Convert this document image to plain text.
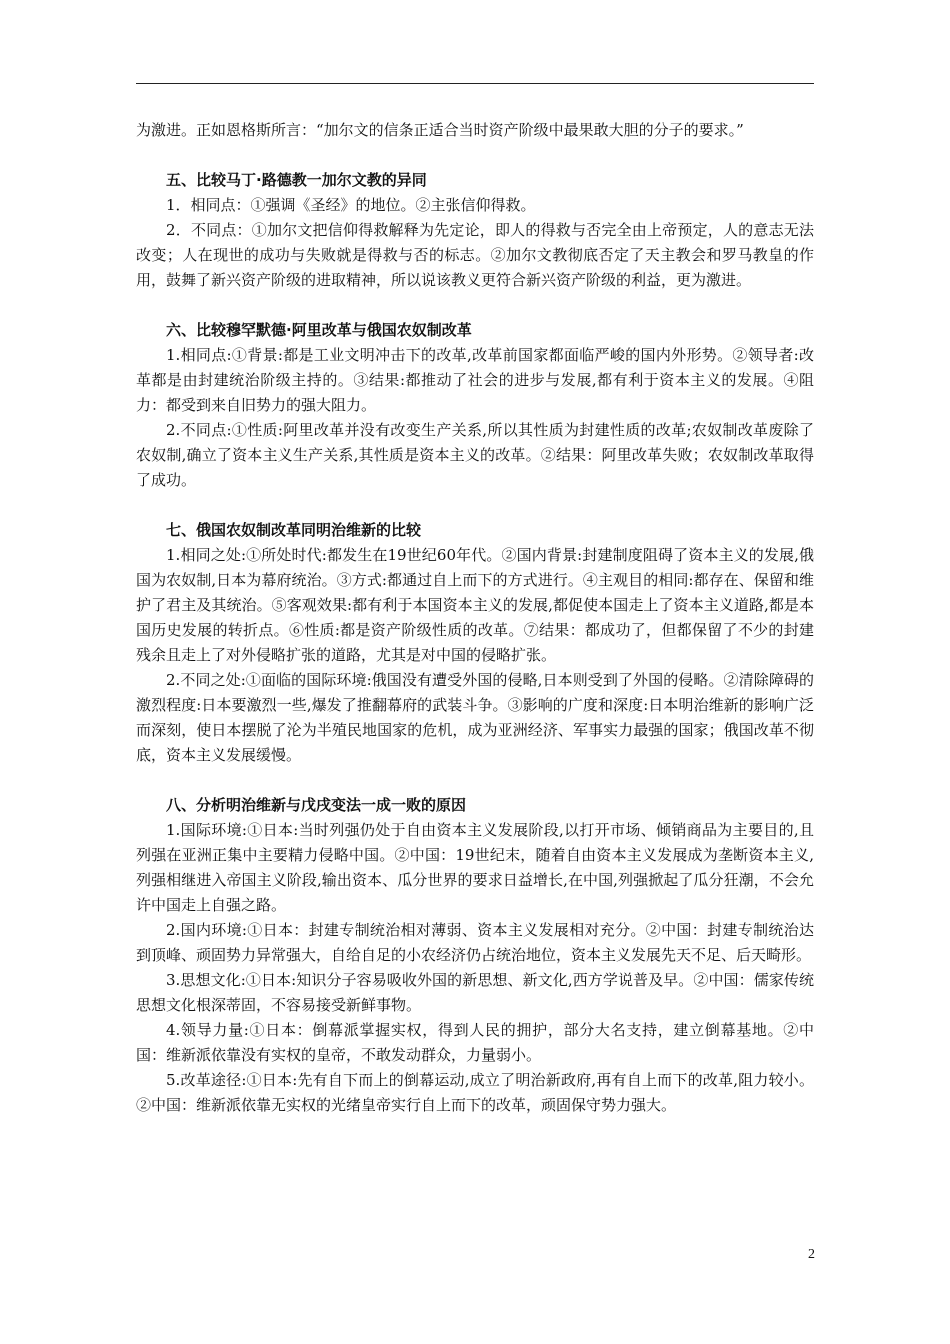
为激进。正如恩格斯所言：“加尔文的信条正适合当时资产阶级中最果敢大胆的分子的要求。”

五、比较马丁·路德教一加尔文教的异同

1．相同点：①强调《圣经》的地位。②主张信仰得救。

2．不同点：①加尔文把信仰得救解释为先定论，即人的得救与否完全由上帝预定，人的意志无法改变；人在现世的成功与失败就是得救与否的标志。②加尔文教彻底否定了天主教会和罗马教皇的作用，鼓舞了新兴资产阶级的进取精神，所以说该教义更符合新兴资产阶级的利益，更为激进。

六、比较穆罕默德·阿里改革与俄国农奴制改革

1.相同点:①背景:都是工业文明冲击下的改革,改革前国家都面临严峻的国内外形势。②领导者:改革都是由封建统治阶级主持的。③结果:都推动了社会的进步与发展,都有利于资本主义的发展。④阻力：都受到来自旧势力的强大阻力。

2.不同点:①性质:阿里改革并没有改变生产关系,所以其性质为封建性质的改革;农奴制改革废除了农奴制,确立了资本主义生产关系,其性质是资本主义的改革。②结果：阿里改革失败；农奴制改革取得了成功。

七、俄国农奴制改革同明治维新的比较

1.相同之处:①所处时代:都发生在19世纪60年代。②国内背景:封建制度阻碍了资本主义的发展,俄国为农奴制,日本为幕府统治。③方式:都通过自上而下的方式进行。④主观目的相同:都存在、保留和维护了君主及其统治。⑤客观效果:都有利于本国资本主义的发展,都促使本国走上了资本主义道路,都是本国历史发展的转折点。⑥性质:都是资产阶级性质的改革。⑦结果：都成功了，但都保留了不少的封建残余且走上了对外侵略扩张的道路，尤其是对中国的侵略扩张。

2.不同之处:①面临的国际环境:俄国没有遭受外国的侵略,日本则受到了外国的侵略。②清除障碍的激烈程度:日本要激烈一些,爆发了推翻幕府的武装斗争。③影响的广度和深度:日本明治维新的影响广泛而深刻，使日本摆脱了沦为半殖民地国家的危机，成为亚洲经济、军事实力最强的国家；俄国改革不彻底，资本主义发展缓慢。

八、分析明治维新与戊戌变法一成一败的原因

1.国际环境:①日本:当时列强仍处于自由资本主义发展阶段,以打开市场、倾销商品为主要目的,且列强在亚洲正集中主要精力侵略中国。②中国：19世纪末，随着自由资本主义发展成为垄断资本主义,列强相继进入帝国主义阶段,输出资本、瓜分世界的要求日益增长,在中国,列强掀起了瓜分狂潮，不会允许中国走上自强之路。

2.国内环境:①日本：封建专制统治相对薄弱、资本主义发展相对充分。②中国：封建专制统治达到顶峰、顽固势力异常强大，自给自足的小农经济仍占统治地位，资本主义发展先天不足、后天畸形。

3.思想文化:①日本:知识分子容易吸收外国的新思想、新文化,西方学说普及早。②中国：儒家传统思想文化根深蒂固，不容易接受新鲜事物。

4.领导力量:①日本：倒幕派掌握实权，得到人民的拥护，部分大名支持，建立倒幕基地。②中国：维新派依靠没有实权的皇帝，不敢发动群众，力量弱小。

5.改革途径:①日本:先有自下而上的倒幕运动,成立了明治新政府,再有自上而下的改革,阻力较小。②中国：维新派依靠无实权的光绪皇帝实行自上而下的改革，顽固保守势力强大。

2
